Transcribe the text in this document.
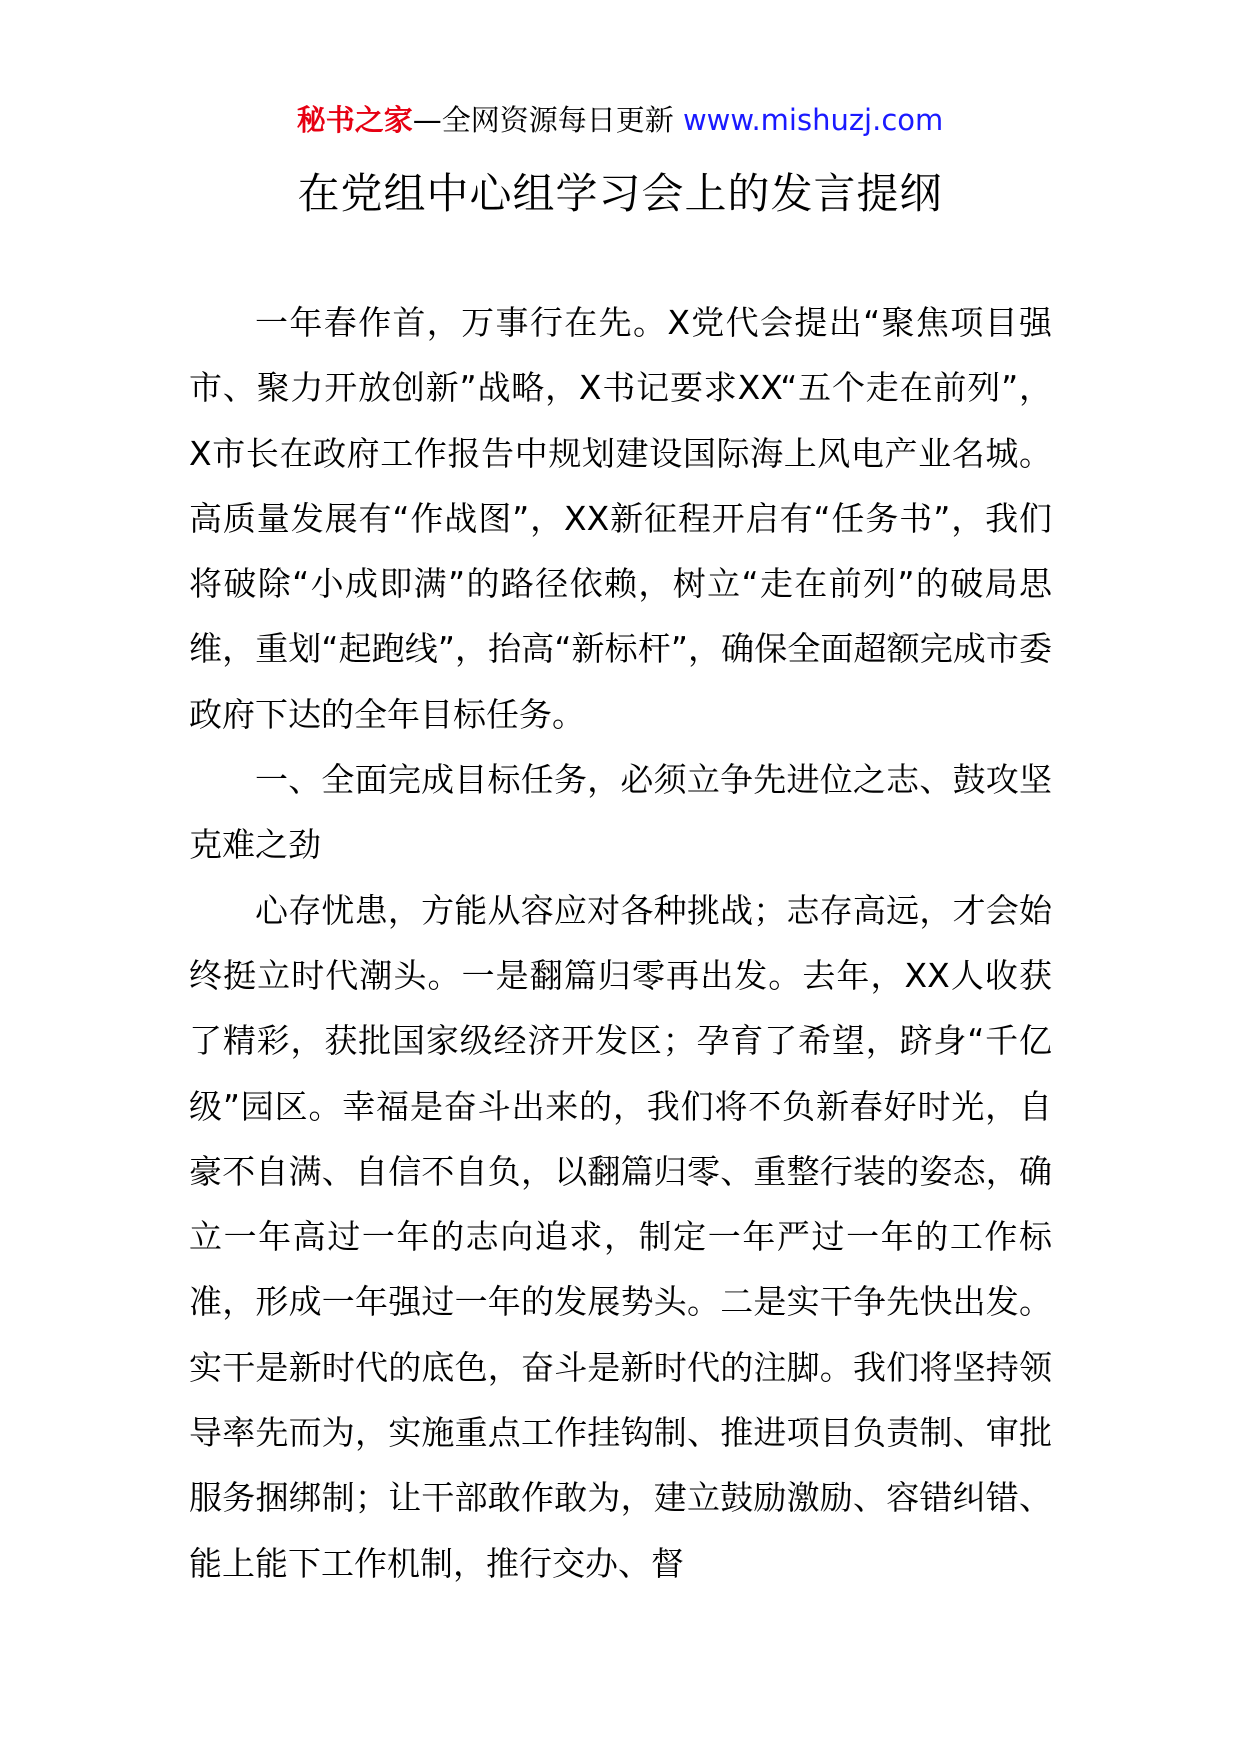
秘书之家—全网资源每日更新 www.mishuzj.com
在党组中心组学习会上的发言提纲

一年春作首，万事行在先。X党代会提出“聚焦项目强市、聚力开放创新”战略，X书记要求XX“五个走在前列”，X市长在政府工作报告中规划建设国际海上风电产业名城。高质量发展有“作战图”，XX新征程开启有“任务书”，我们将破除“小成即满”的路径依赖，树立“走在前列”的破局思维，重划“起跑线”，抬高“新标杆”，确保全面超额完成市委政府下达的全年目标任务。

一、全面完成目标任务，必须立争先进位之志、鼓攻坚克难之劲

心存忧患，方能从容应对各种挑战；志存高远，才会始终挺立时代潮头。一是翻篇归零再出发。去年，XX人收获了精彩，获批国家级经济开发区；孕育了希望，跻身“千亿级”园区。幸福是奋斗出来的，我们将不负新春好时光，自豪不自满、自信不自负，以翻篇归零、重整行装的姿态，确立一年高过一年的志向追求，制定一年严过一年的工作标准，形成一年强过一年的发展势头。二是实干争先快出发。实干是新时代的底色，奋斗是新时代的注脚。我们将坚持领导率先而为，实施重点工作挂钩制、推进项目负责制、审批服务捆绑制；让干部敢作敢为，建立鼓励激励、容错纠错、能上能下工作机制，推行交办、督
